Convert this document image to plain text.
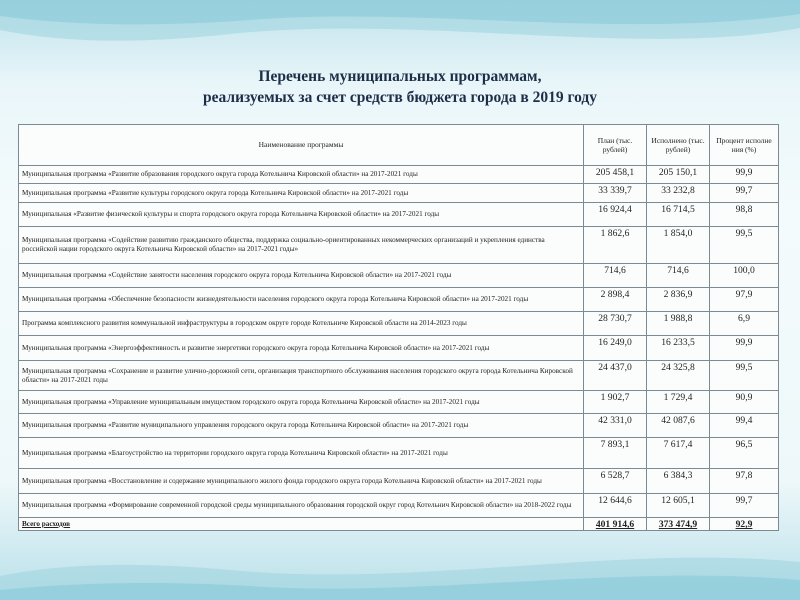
Перечень муниципальных программам,
реализуемых за счет средств бюджета города в 2019 году
Наименование программы	План (тыс. рублей)	Исполнено (тыс. рублей)	Процент исполне ния (%)
Муниципальная программа «Развитие образования городского округа города Котельнича Кировской области» на 2017-2021 годы	205 458,1	205 150,1	99,9
Муниципальная программа «Развитие культуры городского округа города Котельнича Кировской области» на 2017-2021 годы	33 339,7	33 232,8	99,7
Муниципальная «Развитие физической культуры и спорта городского округа города Котельнича Кировской области» на 2017-2021 годы	16 924,4	16 714,5	98,8
Муниципальная программа «Содействие развитию гражданского общества, поддержка социально-ориентированных некоммерческих организаций и укрепления единства российской нации городского округа Котельнича Кировской области» на 2017-2021 годы»	1 862,6	1 854,0	99,5
Муниципальная программа «Содействие занятости населения городского округа города Котельнича Кировской области» на 2017-2021 годы	714,6	714,6	100,0
Муниципальная программа «Обеспечение безопасности жизнедеятельности населения городского округа города Котельнича Кировской области» на 2017-2021 годы	2 898,4	2 836,9	97,9
Программа комплексного развития коммунальной инфраструктуры в городском округе городе Котельниче Кировской области на 2014-2023 годы	28 730,7	1 988,8	6,9
Муниципальная программа «Энергоэффективность и развитие энергетики городского округа города Котельнича Кировской области» на 2017-2021 годы	16 249,0	16 233,5	99,9
Муниципальная программа «Сохранение и развитие улично-дорожной сети, организация транспортного обслуживания населения городского округа города Котельнича Кировской области» на 2017-2021 годы	24 437,0	24 325,8	99,5
Муниципальная программа «Управление муниципальным имуществом городского округа города Котельнича Кировской области» на 2017-2021 годы	1 902,7	1 729,4	90,9
Муниципальная программа «Развитие муниципального управления городского округа города Котельнича Кировской области» на 2017-2021 годы	42 331,0	42 087,6	99,4
Муниципальная программа «Благоустройство на территории городского округа города Котельнича Кировской области» на 2017-2021 годы	7 893,1	7 617,4	96,5
Муниципальная программа «Восстановление и содержание муниципального жилого фонда городского округа города Котельнича Кировской области» на 2017-2021 годы	6 528,7	6 384,3	97,8
Муниципальная программа «Формирование современной городской среды муниципального образования городской округ город Котельнич Кировской области» на 2018-2022 годы	12 644,6	12 605,1	99,7
Всего расходов	401 914,6	373 474,9	92,9
